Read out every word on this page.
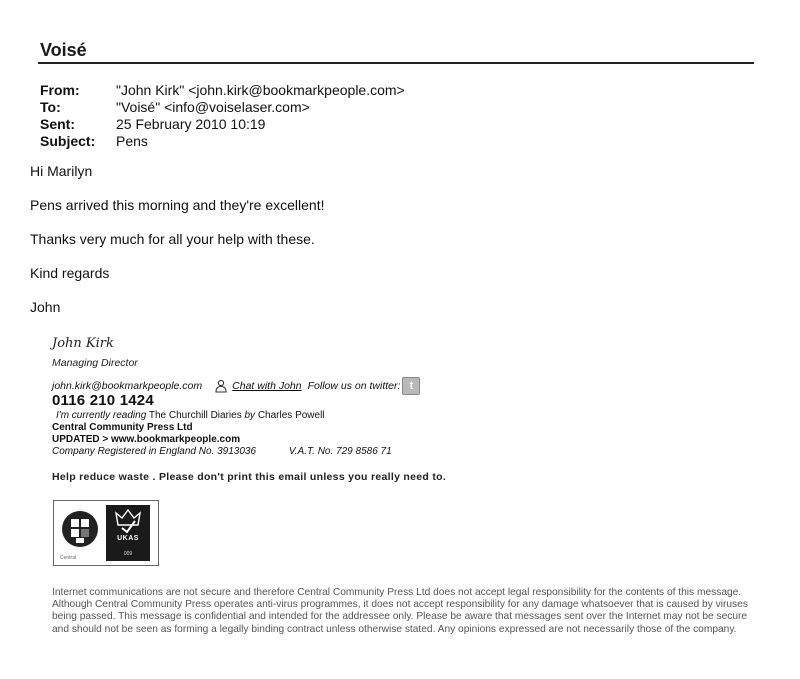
Voisé
From:	"John Kirk" <john.kirk@bookmarkpeople.com>
To:	"Voisé" <info@voiselaser.com>
Sent:	25 February 2010 10:19
Subject:	Pens
Hi Marilyn
Pens arrived this morning and they're excellent!
Thanks very much for all your help with these.
Kind regards
John
John Kirk
Managing Director
john.kirk@bookmarkpeople.com	Chat with John Follow us on twitter: t
0116 210 1424
I'm currently reading The Churchill Diaries by Charles Powell
Central Community Press Ltd
UPDATED > www.bookmarkpeople.com
Company Registered in England No. 3913036	V.A.T. No. 729 8586 71
Help reduce waste . Please don't print this email unless you really need to.
Central
UKAS
009
Internet communications are not secure and therefore Central Community Press Ltd does not accept legal responsibility for the contents of this message. Although Central Community Press operates anti-virus programmes, it does not accept responsibility for any damage whatsoever that is caused by viruses being passed. This message is confidential and intended for the addressee only. Please be aware that messages sent over the Internet may not be secure and should not be seen as forming a legally binding contract unless otherwise stated. Any opinions expressed are not necessarily those of the company.
